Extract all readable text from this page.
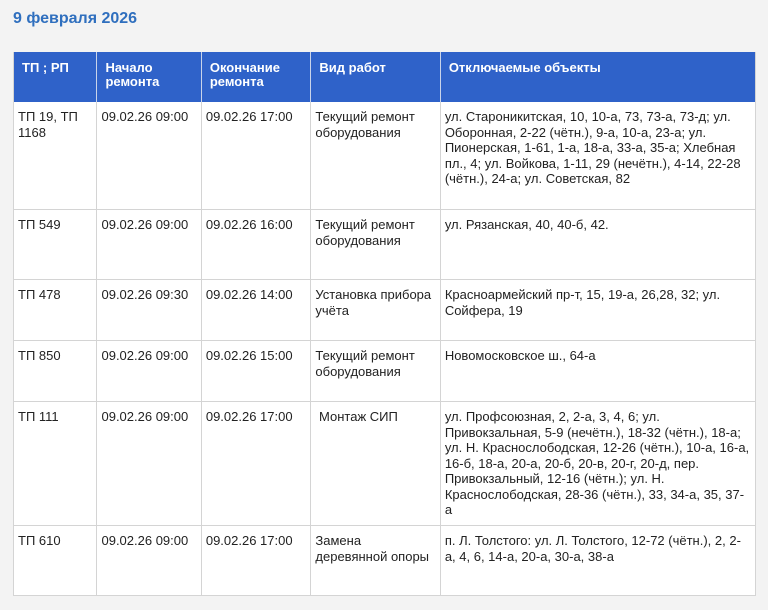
9 февраля 2026
ТП ; РП	Начало ремонта	Окончание ремонта	Вид работ	Отключаемые объекты
ТП 19, ТП 1168	09.02.26 09:00	09.02.26 17:00	Текущий ремонт оборудования	ул. Староникитская, 10, 10-а, 73, 73-а, 73-д; ул. Оборонная, 2-22 (чётн.), 9-а, 10-а, 23-а; ул. Пионерская, 1-61, 1-а, 18-а, 33-а, 35-а; Хлебная пл., 4; ул. Войкова, 1-11, 29 (нечётн.), 4-14, 22-28 (чётн.), 24-а; ул. Советская, 82
ТП 549	09.02.26 09:00	09.02.26 16:00	Текущий ремонт оборудования	ул. Рязанская, 40, 40-б, 42.
ТП 478	09.02.26 09:30	09.02.26 14:00	Установка прибора учёта	Красноармейский пр-т, 15, 19-а, 26,28, 32; ул. Сойфера, 19
ТП 850	09.02.26 09:00	09.02.26 15:00	Текущий ремонт оборудования	Новомосковское ш., 64-а
ТП 111	09.02.26 09:00	09.02.26 17:00	Монтаж СИП	ул. Профсоюзная, 2, 2-а, 3, 4, 6; ул. Привокзальная, 5-9 (нечётн.), 18-32 (чётн.), 18-а; ул. Н. Краснослободская, 12-26 (чётн.), 10-а, 16-а, 16-б, 18-а, 20-а, 20-б, 20-в, 20-г, 20-д, пер. Привокзальный, 12-16 (чётн.); ул. Н. Краснослободская, 28-36 (чётн.), 33, 34-а, 35, 37-а
ТП 610	09.02.26 09:00	09.02.26 17:00	Замена деревянной опоры	п. Л. Толстого: ул. Л. Толстого, 12-72 (чётн.), 2, 2-а, 4, 6, 14-а, 20-а, 30-а, 38-а
